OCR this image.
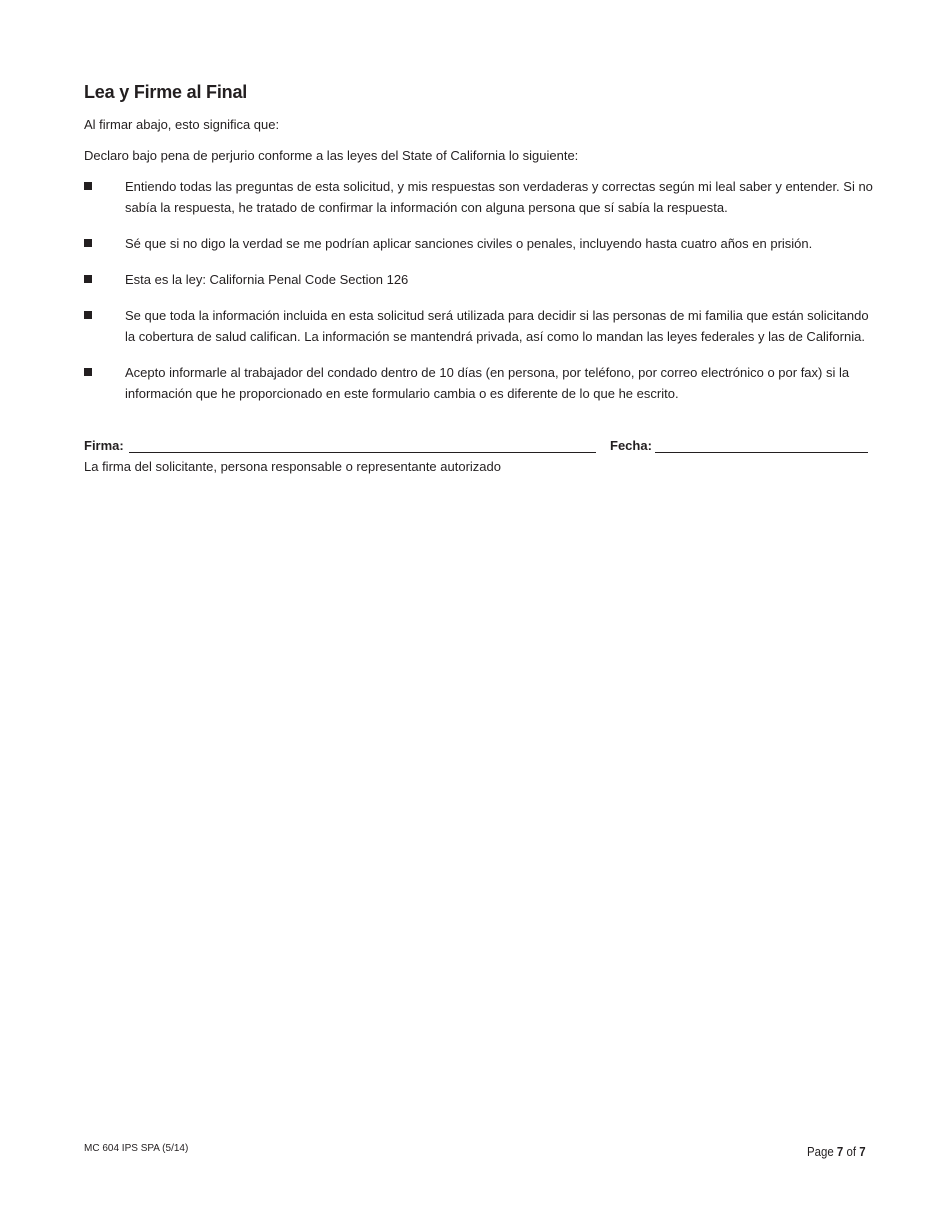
Lea y Firme al Final

Al firmar abajo, esto significa que:

Declaro bajo pena de perjurio conforme a las leyes del State of California lo siguiente:

Entiendo todas las preguntas de esta solicitud, y mis respuestas son verdaderas y correctas según mi leal saber y entender. Si no sabía la respuesta, he tratado de confirmar la información con alguna persona que sí sabía la respuesta.
Sé que si no digo la verdad se me podrían aplicar sanciones civiles o penales, incluyendo hasta cuatro años en prisión.
Esta es la ley: California Penal Code Section 126
Se que toda la información incluida en esta solicitud será utilizada para decidir si las personas de mi familia que están solicitando la cobertura de salud califican. La información se mantendrá privada, así como lo mandan las leyes federales y las de California.
Acepto informarle al trabajador del condado dentro de 10 días (en persona, por teléfono, por correo electrónico o por fax) si la información que he proporcionado en este formulario cambia o es diferente de lo que he escrito.
Firma:	Fecha:

La firma del solicitante, persona responsable o representante autorizado

MC 604 IPS SPA (5/14)	Page 7 of 7
